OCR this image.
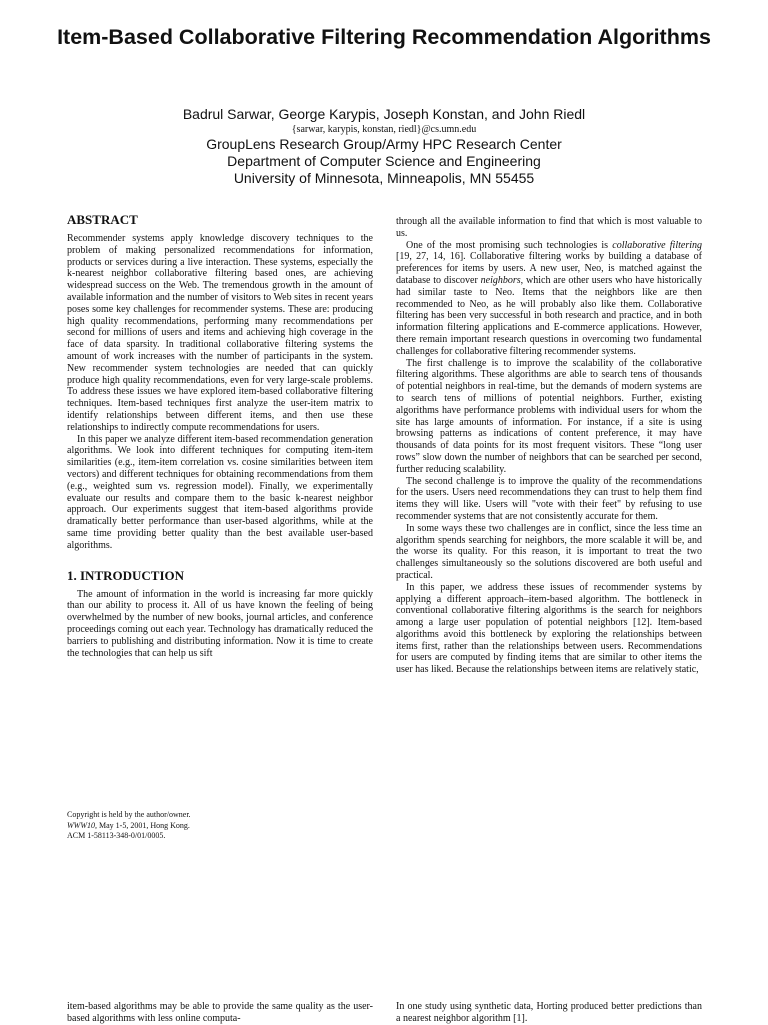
Item-Based Collaborative Filtering Recommendation Algorithms
Badrul Sarwar, George Karypis, Joseph Konstan, and John Riedl
{sarwar, karypis, konstan, riedl}@cs.umn.edu
GroupLens Research Group/Army HPC Research Center
Department of Computer Science and Engineering
University of Minnesota, Minneapolis, MN 55455
ABSTRACT

Recommender systems apply knowledge discovery techniques to the problem of making personalized recommendations for information, products or services during a live interaction. These systems, especially the k-nearest neighbor collaborative filtering based ones, are achieving widespread success on the Web. The tremendous growth in the amount of available information and the number of visitors to Web sites in recent years poses some key challenges for recommender systems. These are: producing high quality recommendations, performing many recommendations per second for millions of users and items and achieving high coverage in the face of data sparsity. In traditional collaborative filtering systems the amount of work increases with the number of participants in the system. New recommender system technologies are needed that can quickly produce high quality recommendations, even for very large-scale problems. To address these issues we have explored item-based collaborative filtering techniques. Item-based techniques first analyze the user-item matrix to identify relationships between different items, and then use these relationships to indirectly compute recommendations for users.

In this paper we analyze different item-based recommendation generation algorithms. We look into different techniques for computing item-item similarities (e.g., item-item correlation vs. cosine similarities between item vectors) and different techniques for obtaining recommendations from them (e.g., weighted sum vs. regression model). Finally, we experimentally evaluate our results and compare them to the basic k-nearest neighbor approach. Our experiments suggest that item-based algorithms provide dramatically better performance than user-based algorithms, while at the same time providing better quality than the best available user-based algorithms.

1. INTRODUCTION

The amount of information in the world is increasing far more quickly than our ability to process it. All of us have known the feeling of being overwhelmed by the number of new books, journal articles, and conference proceedings coming out each year. Technology has dramatically reduced the barriers to publishing and distributing information. Now it is time to create the technologies that can help us sift

Copyright is held by the author/owner.
WWW10, May 1-5, 2001, Hong Kong.
ACM 1-58113-348-0/01/0005.

through all the available information to find that which is most valuable to us.

One of the most promising such technologies is collaborative filtering [19, 27, 14, 16]. Collaborative filtering works by building a database of preferences for items by users. A new user, Neo, is matched against the database to discover neighbors, which are other users who have historically had similar taste to Neo. Items that the neighbors like are then recommended to Neo, as he will probably also like them. Collaborative filtering has been very successful in both research and practice, and in both information filtering applications and E-commerce applications. However, there remain important research questions in overcoming two fundamental challenges for collaborative filtering recommender systems.

The first challenge is to improve the scalability of the collaborative filtering algorithms. These algorithms are able to search tens of thousands of potential neighbors in real-time, but the demands of modern systems are to search tens of millions of potential neighbors. Further, existing algorithms have performance problems with individual users for whom the site has large amounts of information. For instance, if a site is using browsing patterns as indications of content preference, it may have thousands of data points for its most frequent visitors. These “long user rows” slow down the number of neighbors that can be searched per second, further reducing scalability.

The second challenge is to improve the quality of the recommendations for the users. Users need recommendations they can trust to help them find items they will like. Users will "vote with their feet" by refusing to use recommender systems that are not consistently accurate for them.

In some ways these two challenges are in conflict, since the less time an algorithm spends searching for neighbors, the more scalable it will be, and the worse its quality. For this reason, it is important to treat the two challenges simultaneously so the solutions discovered are both useful and practical.

In this paper, we address these issues of recommender systems by applying a different approach–item-based algorithm. The bottleneck in conventional collaborative filtering algorithms is the search for neighbors among a large user population of potential neighbors [12]. Item-based algorithms avoid this bottleneck by exploring the relationships between items first, rather than the relationships between users. Recommendations for users are computed by finding items that are similar to other items the user has liked. Because the relationships between items are relatively static,

item-based algorithms may be able to provide the same quality as the user-based algorithms with less online computa-

In one study using synthetic data, Horting produced better predictions than a nearest neighbor algorithm [1].
